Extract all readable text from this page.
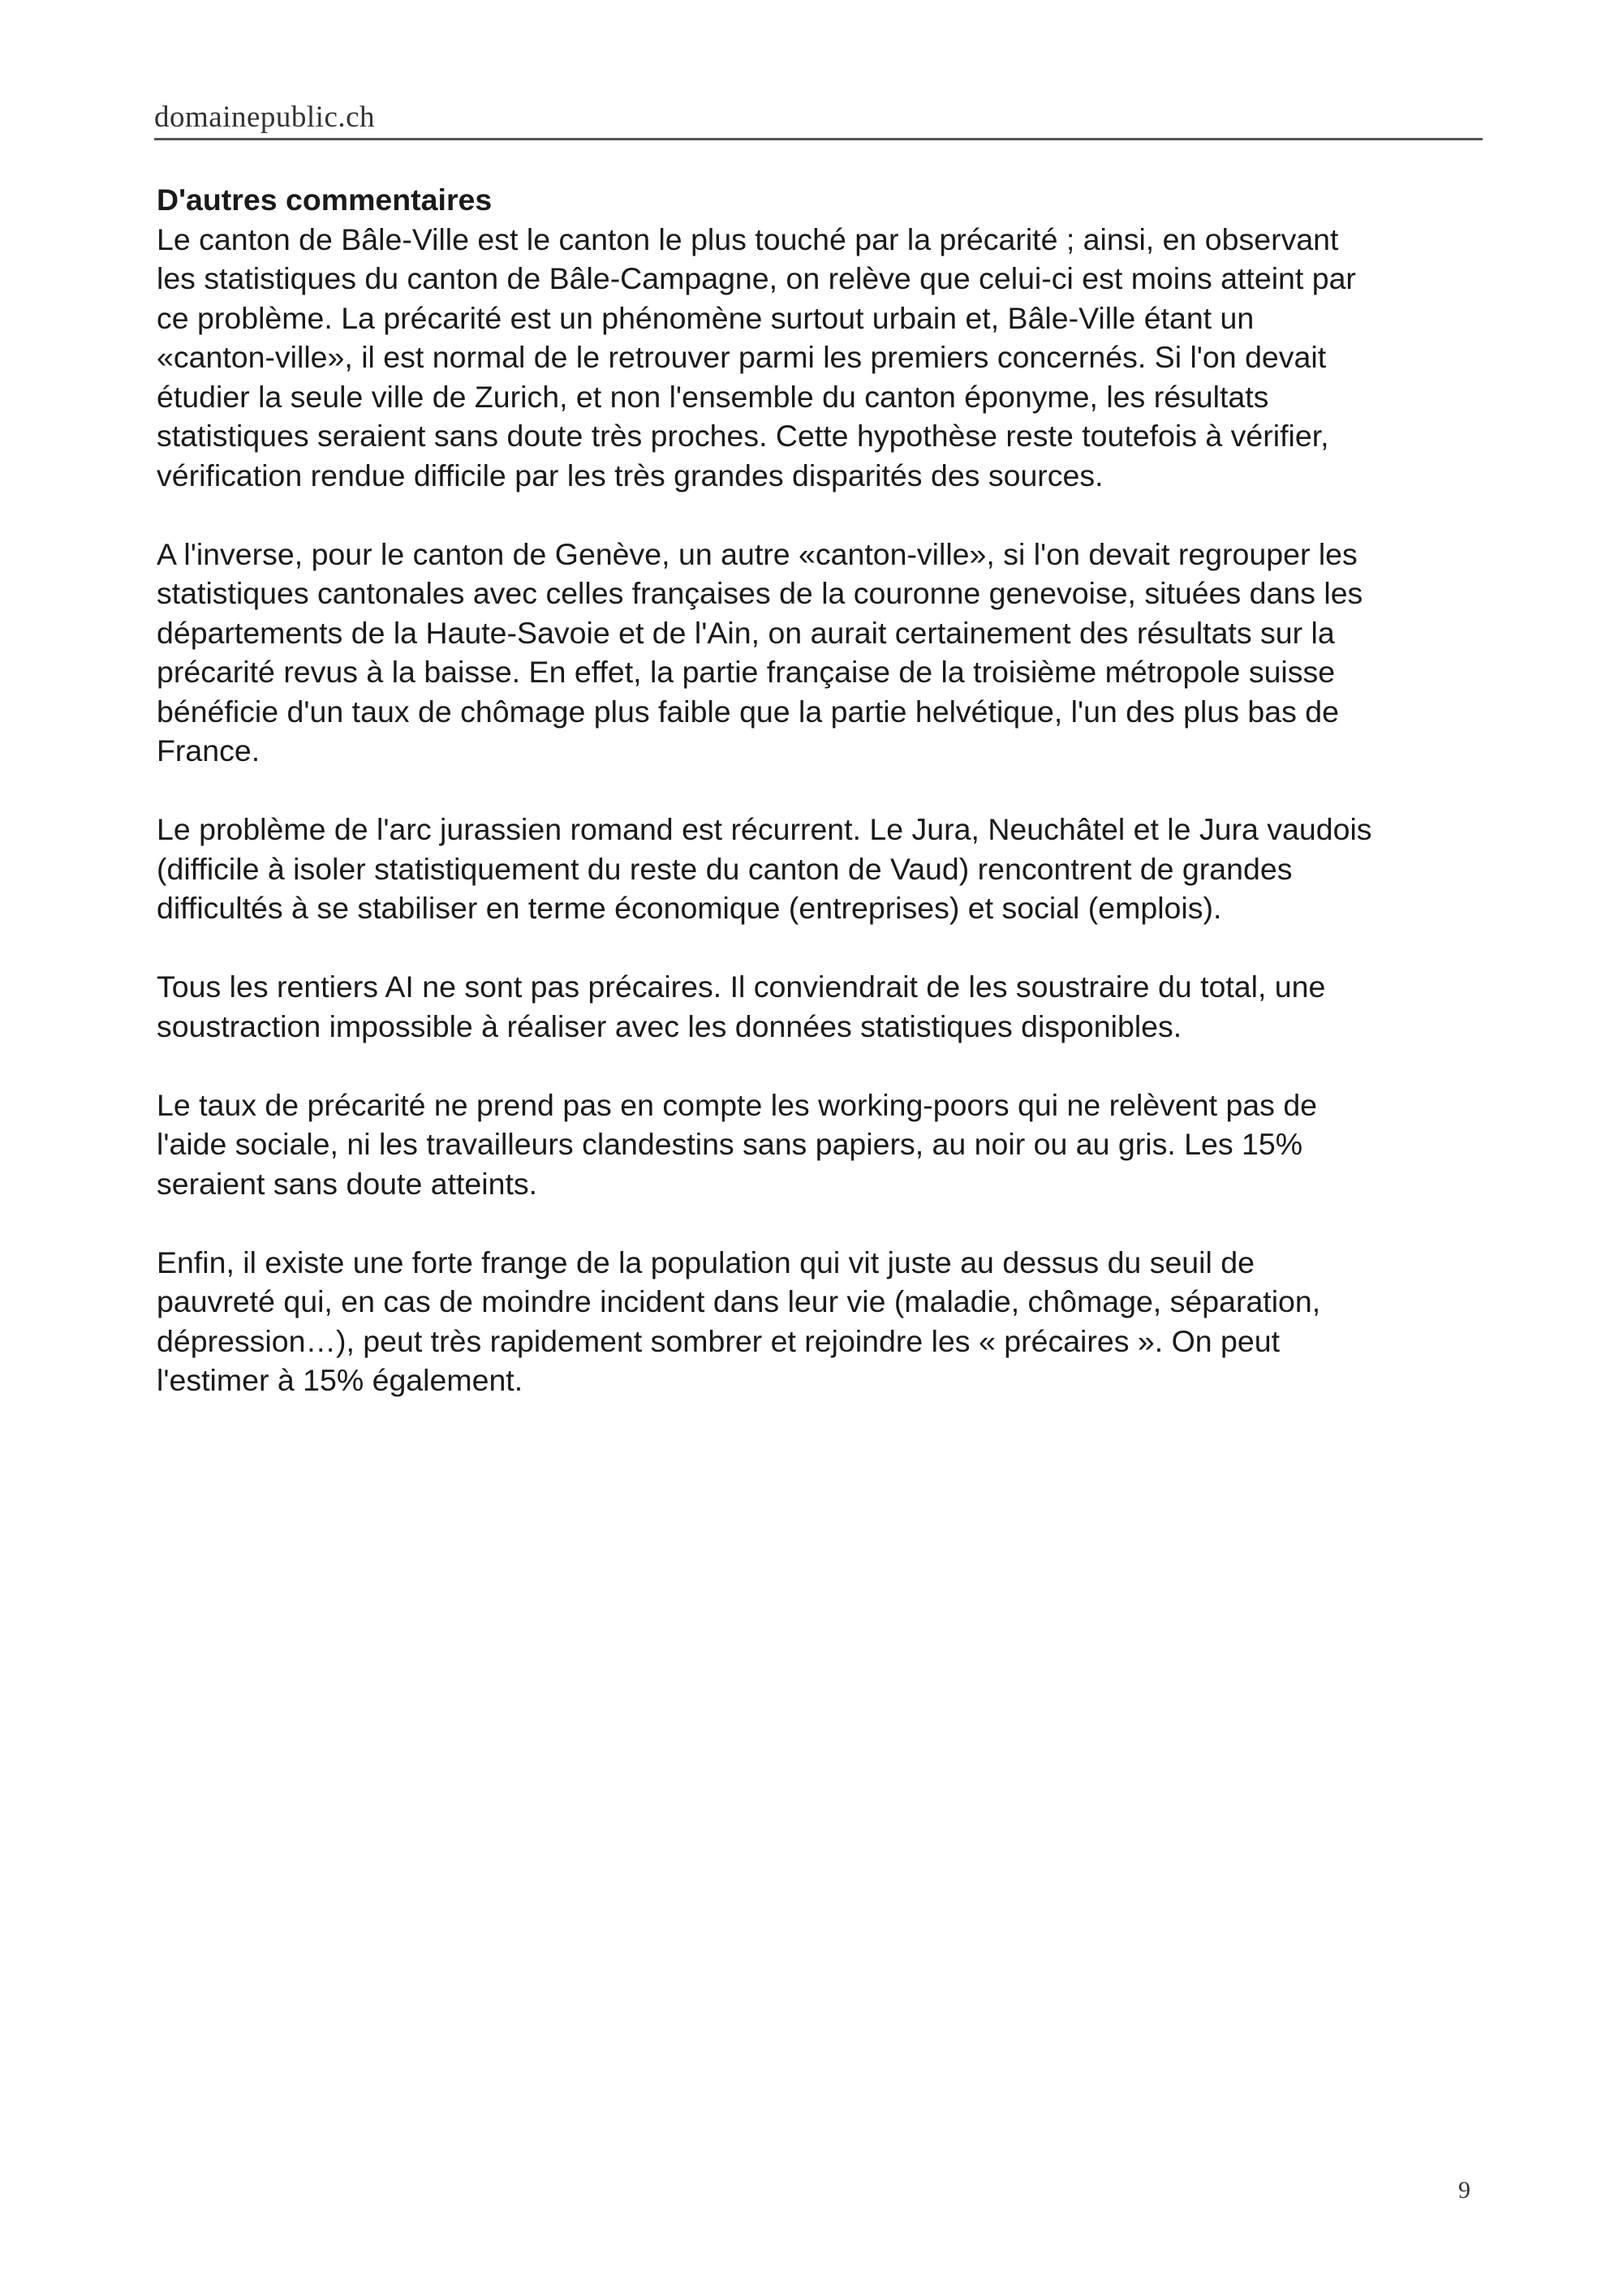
domainepublic.ch
D'autres commentaires

Le canton de Bâle-Ville est le canton le plus touché par la précarité ; ainsi, en observant
les statistiques du canton de Bâle-Campagne, on relève que celui-ci est moins atteint par
ce problème. La précarité est un phénomène surtout urbain et, Bâle-Ville étant un
«canton-ville», il est normal de le retrouver parmi les premiers concernés. Si l'on devait
étudier la seule ville de Zurich, et non l'ensemble du canton éponyme, les résultats
statistiques seraient sans doute très proches. Cette hypothèse reste toutefois à vérifier,
vérification rendue difficile par les très grandes disparités des sources.

A l'inverse, pour le canton de Genève, un autre «canton-ville», si l'on devait regrouper les
statistiques cantonales avec celles françaises de la couronne genevoise, situées dans les
départements de la Haute-Savoie et de l'Ain, on aurait certainement des résultats sur la
précarité revus à la baisse. En effet, la partie française de la troisième métropole suisse
bénéficie d'un taux de chômage plus faible que la partie helvétique, l'un des plus bas de
France.

Le problème de l'arc jurassien romand est récurrent. Le Jura, Neuchâtel et le Jura vaudois
(difficile à isoler statistiquement du reste du canton de Vaud) rencontrent de grandes
difficultés à se stabiliser en terme économique (entreprises) et social (emplois).

Tous les rentiers AI ne sont pas précaires. Il conviendrait de les soustraire du total, une
soustraction impossible à réaliser avec les données statistiques disponibles.

Le taux de précarité ne prend pas en compte les working-poors qui ne relèvent pas de
l'aide sociale, ni les travailleurs clandestins sans papiers, au noir ou au gris. Les 15%
seraient sans doute atteints.

Enfin, il existe une forte frange de la population qui vit juste au dessus du seuil de
pauvreté qui, en cas de moindre incident dans leur vie (maladie, chômage, séparation,
dépression…), peut très rapidement sombrer et rejoindre les « précaires ». On peut
l'estimer à 15% également.

9
